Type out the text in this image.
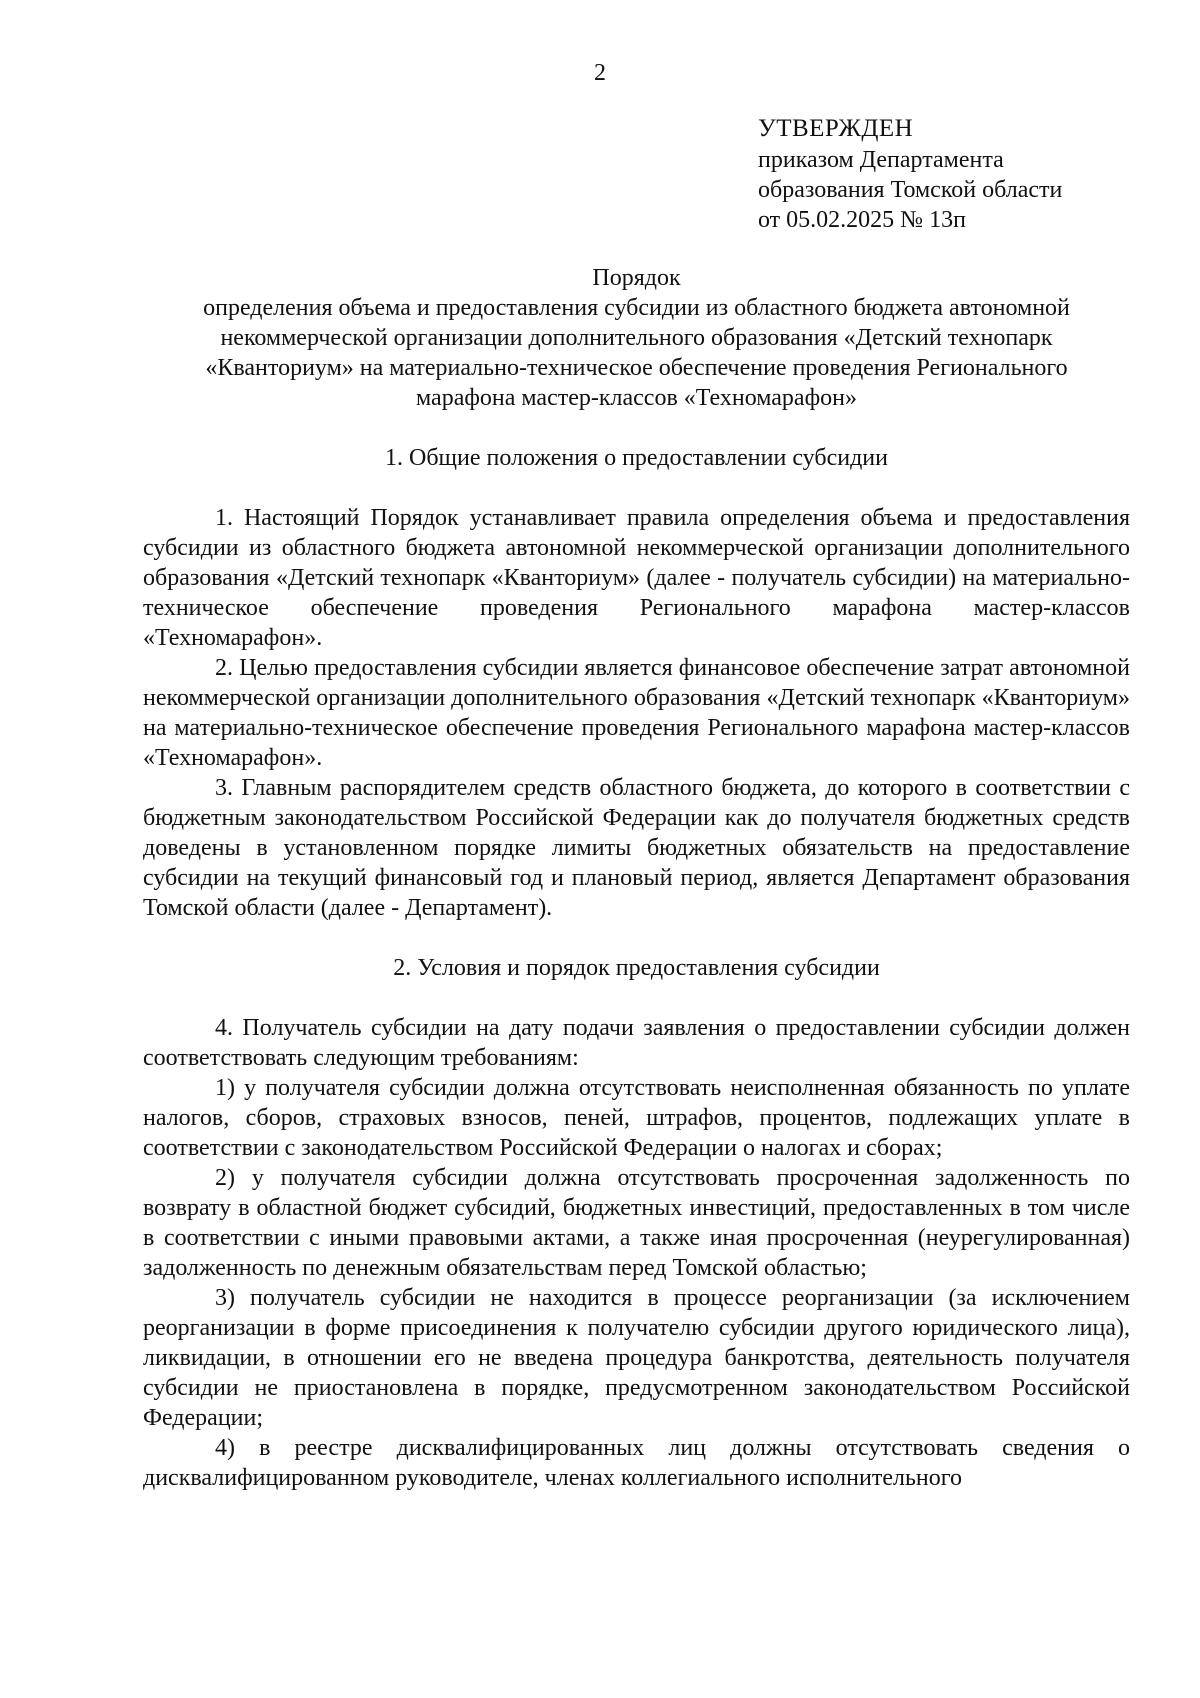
2
УТВЕРЖДЕН
приказом Департамента
образования Томской области
от 05.02.2025 № 13п
Порядок
определения объема и предоставления субсидии из областного бюджета автономной
некоммерческой организации дополнительного образования «Детский технопарк
«Кванториум» на материально-техническое обеспечение проведения Регионального
марафона мастер-классов «Техномарафон»

1. Общие положения о предоставлении субсидии

1. Настоящий Порядок устанавливает правила определения объема и предоставления субсидии из областного бюджета автономной некоммерческой организации дополнительного образования «Детский технопарк «Кванториум» (далее - получатель субсидии) на материально-техническое обеспечение проведения Регионального марафона мастер-классов «Техномарафон».

2. Целью предоставления субсидии является финансовое обеспечение затрат автономной некоммерческой организации дополнительного образования «Детский технопарк «Кванториум» на материально-техническое обеспечение проведения Регионального марафона мастер-классов «Техномарафон».

3. Главным распорядителем средств областного бюджета, до которого в соответствии с бюджетным законодательством Российской Федерации как до получателя бюджетных средств доведены в установленном порядке лимиты бюджетных обязательств на предоставление субсидии на текущий финансовый год и плановый период, является Департамент образования Томской области (далее - Департамент).

2. Условия и порядок предоставления субсидии

4. Получатель субсидии на дату подачи заявления о предоставлении субсидии должен соответствовать следующим требованиям:

1) у получателя субсидии должна отсутствовать неисполненная обязанность по уплате налогов, сборов, страховых взносов, пеней, штрафов, процентов, подлежащих уплате в соответствии с законодательством Российской Федерации о налогах и сборах;

2) у получателя субсидии должна отсутствовать просроченная задолженность по возврату в областной бюджет субсидий, бюджетных инвестиций, предоставленных в том числе в соответствии с иными правовыми актами, а также иная просроченная (неурегулированная) задолженность по денежным обязательствам перед Томской областью;

3) получатель субсидии не находится в процессе реорганизации (за исключением реорганизации в форме присоединения к получателю субсидии другого юридического лица), ликвидации, в отношении его не введена процедура банкротства, деятельность получателя субсидии не приостановлена в порядке, предусмотренном законодательством Российской Федерации;

4) в реестре дисквалифицированных лиц должны отсутствовать сведения о дисквалифицированном руководителе, членах коллегиального исполнительного
